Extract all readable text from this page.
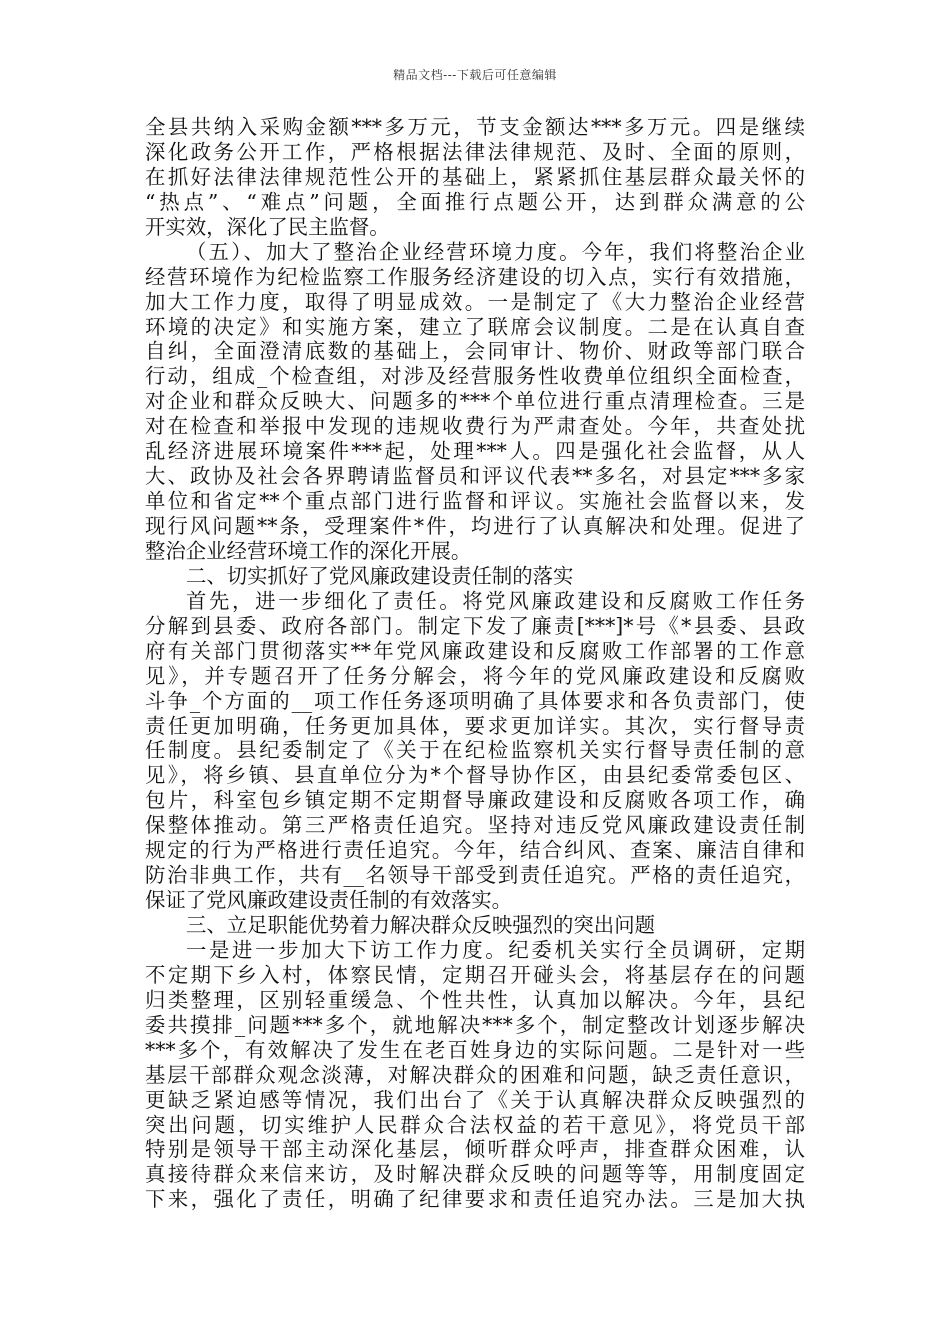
精品文档---下载后可任意编辑
全县共纳入采购金额***多万元，节支金额达***多万元。四是继续
深化政务公开工作，严格根据法律法律规范、及时、全面的原则，
在抓好法律法律规范性公开的基础上，紧紧抓住基层群众最关怀的
“热点”、“难点”问题，全面推行点题公开，达到群众满意的公
开实效，深化了民主监督。
（五）、加大了整治企业经营环境力度。今年，我们将整治企业
经营环境作为纪检监察工作服务经济建设的切入点，实行有效措施，
加大工作力度，取得了明显成效。一是制定了《大力整治企业经营
环境的决定》和实施方案，建立了联席会议制度。二是在认真自查
自纠，全面澄清底数的基础上，会同审计、物价、财政等部门联合
行动，组成_个检查组，对涉及经营服务性收费单位组织全面检查，
对企业和群众反映大、问题多的***个单位进行重点清理检查。三是
对在检查和举报中发现的违规收费行为严肃查处。今年，共查处扰
乱经济进展环境案件***起，处理***人。四是强化社会监督，从人
大、政协及社会各界聘请监督员和评议代表**多名，对县定***多家
单位和省定**个重点部门进行监督和评议。实施社会监督以来，发
现行风问题**条，受理案件*件，均进行了认真解决和处理。促进了
整治企业经营环境工作的深化开展。
二、切实抓好了党风廉政建设责任制的落实
首先，进一步细化了责任。将党风廉政建设和反腐败工作任务
分解到县委、政府各部门。制定下发了廉责[***]*号《*县委、县政
府有关部门贯彻落实**年党风廉政建设和反腐败工作部署的工作意
见》，并专题召开了任务分解会，将今年的党风廉政建设和反腐败
斗争_个方面的__项工作任务逐项明确了具体要求和各负责部门，使
责任更加明确，任务更加具体，要求更加详实。其次，实行督导责
任制度。县纪委制定了《关于在纪检监察机关实行督导责任制的意
见》，将乡镇、县直单位分为*个督导协作区，由县纪委常委包区、
包片，科室包乡镇定期不定期督导廉政建设和反腐败各项工作，确
保整体推动。第三严格责任追究。坚持对违反党风廉政建设责任制
规定的行为严格进行责任追究。今年，结合纠风、查案、廉洁自律和
防治非典工作，共有__名领导干部受到责任追究。严格的责任追究，
保证了党风廉政建设责任制的有效落实。
三、立足职能优势着力解决群众反映强烈的突出问题
一是进一步加大下访工作力度。纪委机关实行全员调研，定期
不定期下乡入村，体察民情，定期召开碰头会，将基层存在的问题
归类整理，区别轻重缓急、个性共性，认真加以解决。今年，县纪
委共摸排_问题***多个，就地解决***多个，制定整改计划逐步解决
***多个，有效解决了发生在老百姓身边的实际问题。二是针对一些
基层干部群众观念淡薄，对解决群众的困难和问题，缺乏责任意识，
更缺乏紧迫感等情况，我们出台了《关于认真解决群众反映强烈的
突出问题，切实维护人民群众合法权益的若干意见》，将党员干部
特别是领导干部主动深化基层，倾听群众呼声，排查群众困难，认
真接待群众来信来访，及时解决群众反映的问题等等，用制度固定
下来，强化了责任，明确了纪律要求和责任追究办法。三是加大执
